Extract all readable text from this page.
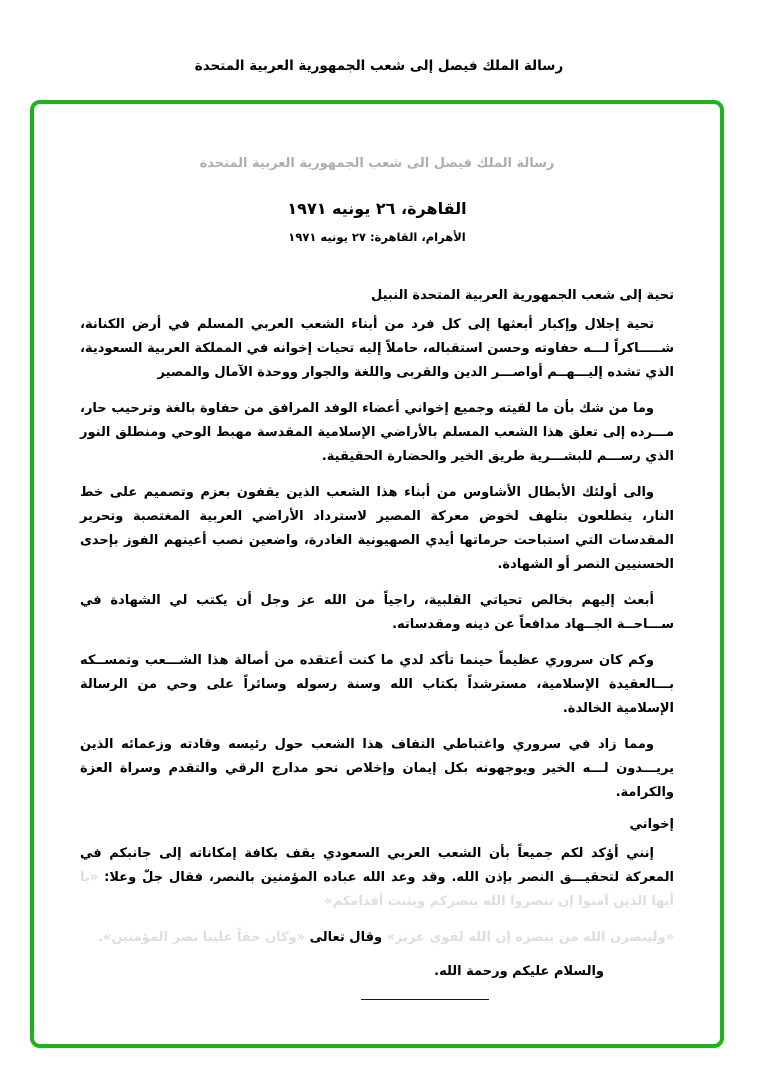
رسالة الملك فيصل إلى شعب الجمهورية العربية المتحدة
رسالة الملك فيصل الى شعب الجمهورية العربية المتحدة
القاهرة، ٢٦ يونيه ١٩٧١
الأهرام، القاهرة: ٢٧ يونيه ١٩٧١

تحية إلى شعب الجمهورية العربية المتحدة النبيل

تحية إجلال وإكبار أبعثها إلى كل فرد من أبناء الشعب العربي المسلم في أرض الكنانة، شـــــاكراً لـــه حفاوته وحسن استقباله، حاملاً إليه تحيات إخوانه في المملكة العربية السعودية، الذي تشده إليـــهــم أواصـــر الدين والقربى واللغة والجوار ووحدة الآمال والمصير

وما من شك بأن ما لقيته وجميع إخواني أعضاء الوفد المرافق من حفاوة بالغة وترحيب حار، مـــرده إلى تعلق هذا الشعب المسلم بالأراضي الإسلامية المقدسة مهبط الوحي ومنطلق النور الذي رســـم للبشـــرية طريق الخير والحضارة الحقيقية.

والى أولئك الأبطال الأشاوس من أبناء هذا الشعب الذين يقفون بعزم وتصميم على خط النار، يتطلعون بتلهف لخوض معركة المصير لاسترداد الأراضي العربية المغتصبة وتحرير المقدسات التي استباحت حرماتها أيدي الصهيونية الغادرة، واضعين نصب أعينهم الفوز بإحدى الحسنيين النصر أو الشهادة.

أبعث إليهم بخالص تحياتي القلبية، راجياً من الله عز وجل أن يكتب لي الشهادة في ســـاحــة الجــهاد مدافعاً عن دينه ومقدساته.

وكم كان سروري عظيماً حينما تأكد لدي ما كنت أعتقده من أصالة هذا الشـــعب وتمســكه بـــالعقيدة الإسلامية، مسترشداً بكتاب الله وسنة رسوله وسائراً على وحي من الرسالة الإسلامية الخالدة.

ومما زاد في سروري واغتباطي التفاف هذا الشعب حول رئيسه وقادته وزعمائه الذين يريـــدون لـــه الخير ويوجهونه بكل إيمان وإخلاص نحو مدارج الرقي والتقدم وسراة العزة والكرامة.

إخواني

إنني أؤكد لكم جميعاً بأن الشعب العربي السعودي يقف بكافة إمكاناته إلى جانبكم في المعركة لتحقيـــق النصر بإذن الله. وقد وعد الله عباده المؤمنين بالنصر، فقال جلّ وعلا: «يا أيها الذين آمنوا إن تنصروا الله ينصركم ويثبت أقدامكم»

«ولينصرن الله من ينصره إن الله لقوي عزيز» وقال تعالى «وكان حقاً علينا نصر المؤمنين».

والسلام عليكم ورحمة الله.
